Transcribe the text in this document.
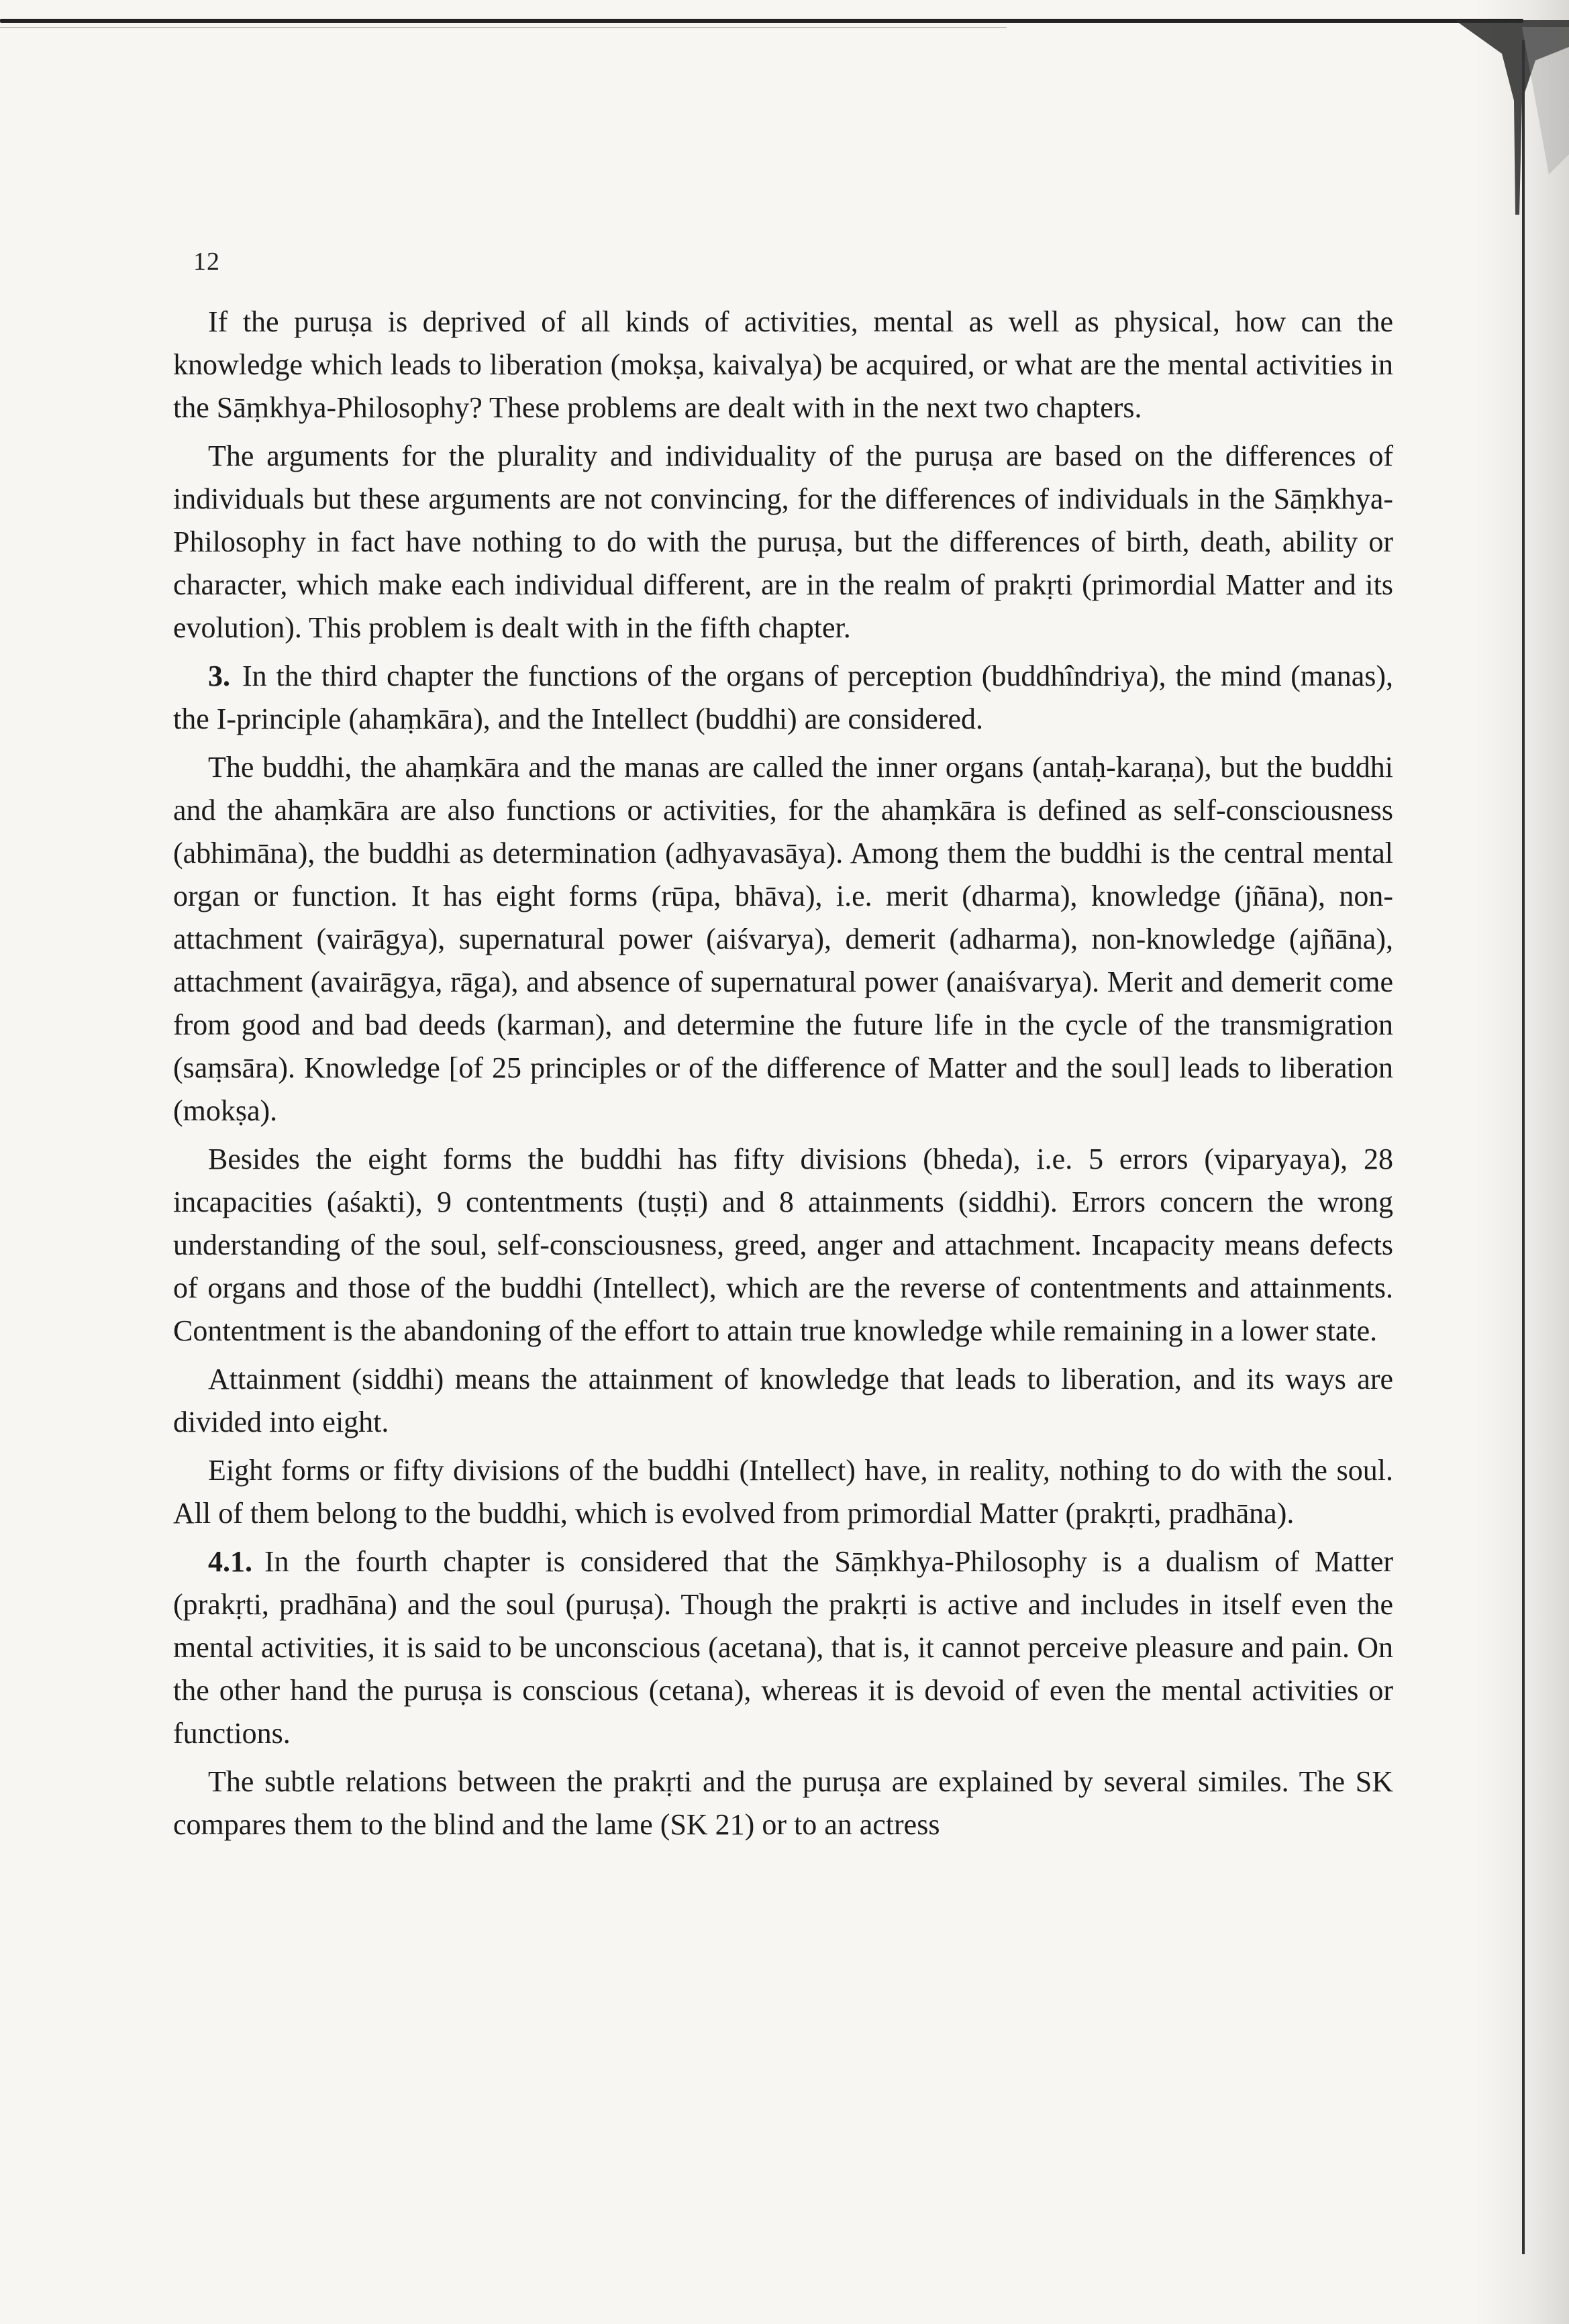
12

If the puruṣa is deprived of all kinds of activities, mental as well as physical, how can the knowledge which leads to liberation (mokṣa, kaivalya) be acquired, or what are the mental activities in the Sāṃkhya-Philosophy? These problems are dealt with in the next two chapters.

The arguments for the plurality and individuality of the puruṣa are based on the differences of individuals but these arguments are not convincing, for the differences of individuals in the Sāṃkhya-Philosophy in fact have nothing to do with the puruṣa, but the differences of birth, death, ability or character, which make each individual different, are in the realm of prakṛti (primordial Matter and its evolution). This problem is dealt with in the fifth chapter.

3. In the third chapter the functions of the organs of perception (buddhîndriya), the mind (manas), the I-principle (ahaṃkāra), and the Intellect (buddhi) are considered.

The buddhi, the ahaṃkāra and the manas are called the inner organs (antaḥ-karaṇa), but the buddhi and the ahaṃkāra are also functions or activities, for the ahaṃkāra is defined as self-consciousness (abhimāna), the buddhi as determination (adhyavasāya). Among them the buddhi is the central mental organ or function. It has eight forms (rūpa, bhāva), i.e. merit (dharma), knowledge (jñāna), non-attachment (vairāgya), supernatural power (aiśvarya), demerit (adharma), non-knowledge (ajñāna), attachment (avairāgya, rāga), and absence of supernatural power (anaiśvarya). Merit and demerit come from good and bad deeds (karman), and determine the future life in the cycle of the transmigration (saṃsāra). Knowledge [of 25 principles or of the difference of Matter and the soul] leads to liberation (mokṣa).

Besides the eight forms the buddhi has fifty divisions (bheda), i.e. 5 errors (viparyaya), 28 incapacities (aśakti), 9 contentments (tuṣṭi) and 8 attainments (siddhi). Errors concern the wrong understanding of the soul, self-consciousness, greed, anger and attachment. Incapacity means defects of organs and those of the buddhi (Intellect), which are the reverse of contentments and attainments. Contentment is the abandoning of the effort to attain true knowledge while remaining in a lower state.

Attainment (siddhi) means the attainment of knowledge that leads to liberation, and its ways are divided into eight.

Eight forms or fifty divisions of the buddhi (Intellect) have, in reality, nothing to do with the soul. All of them belong to the buddhi, which is evolved from primordial Matter (prakṛti, pradhāna).

4.1. In the fourth chapter is considered that the Sāṃkhya-Philosophy is a dualism of Matter (prakṛti, pradhāna) and the soul (puruṣa). Though the prakṛti is active and includes in itself even the mental activities, it is said to be unconscious (acetana), that is, it cannot perceive pleasure and pain. On the other hand the puruṣa is conscious (cetana), whereas it is devoid of even the mental activities or functions.

The subtle relations between the prakṛti and the puruṣa are explained by several similes. The SK compares them to the blind and the lame (SK 21) or to an actress
